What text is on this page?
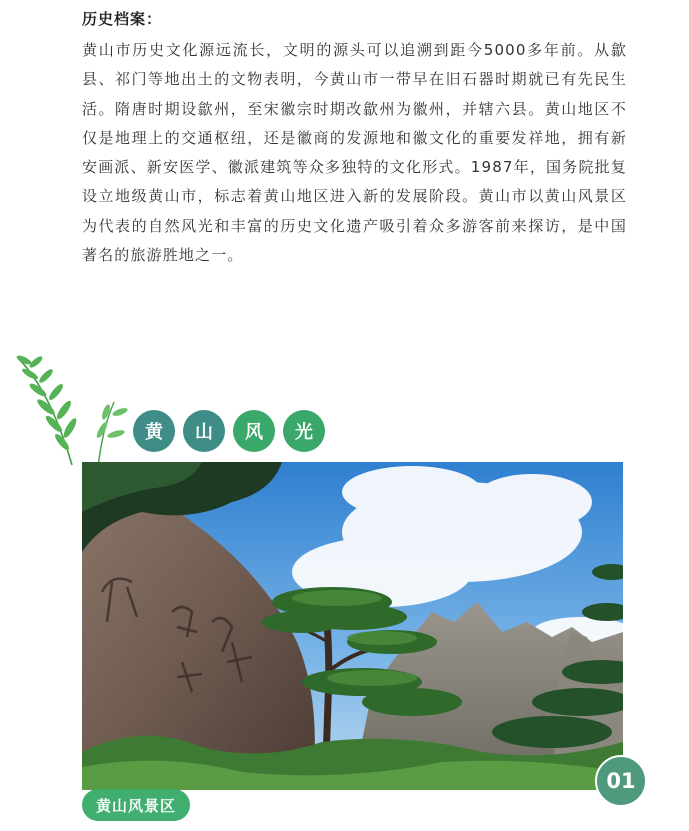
历史档案：

黄山市历史文化源远流长，文明的源头可以追溯到距今5000多年前。从歙县、祁门等地出土的文物表明，今黄山市一带早在旧石器时期就已有先民生活。隋唐时期设歙州，至宋徽宗时期改歙州为徽州，并辖六县。黄山地区不仅是地理上的交通枢纽，还是徽商的发源地和徽文化的重要发祥地，拥有新安画派、新安医学、徽派建筑等众多独特的文化形式。1987年，国务院批复设立地级黄山市，标志着黄山地区进入新的发展阶段。黄山市以黄山风景区为代表的自然风光和丰富的历史文化遗产吸引着众多游客前来探访，是中国著名的旅游胜地之一。

黄	山	风	光
01
黄山风景区
